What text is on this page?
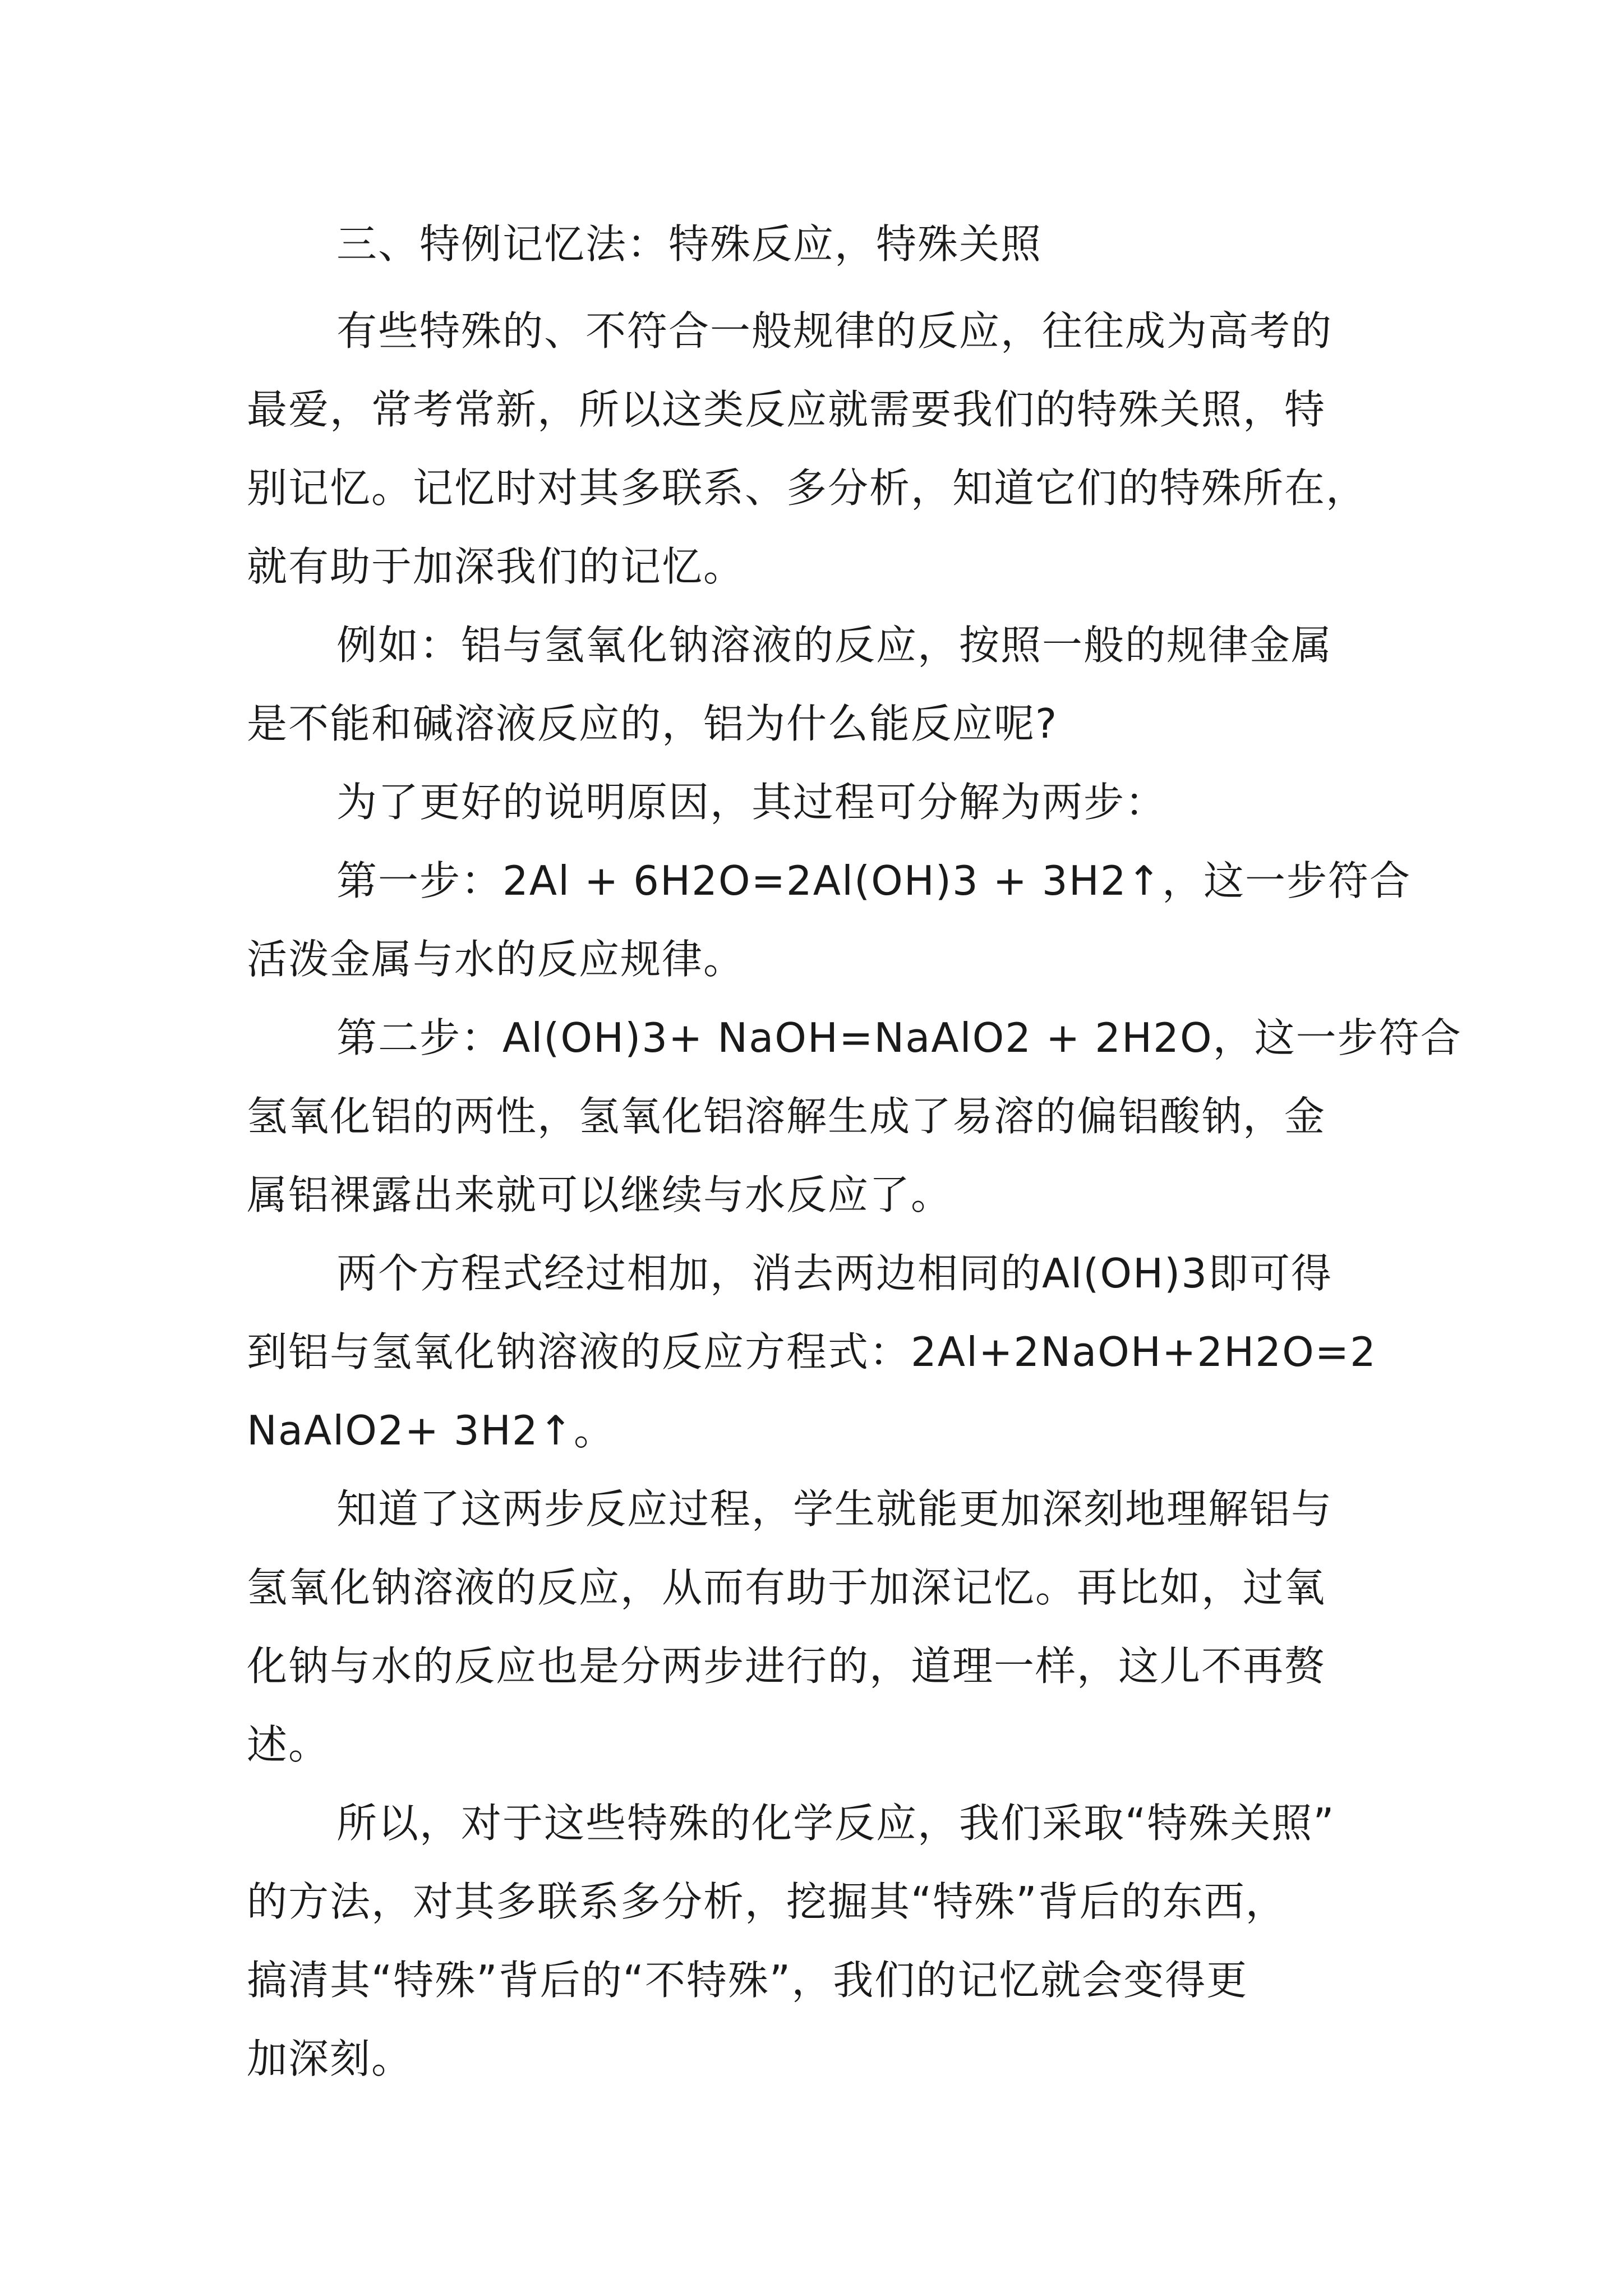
三、特例记忆法：特殊反应，特殊关照
有些特殊的、不符合一般规律的反应，往往成为高考的
最爱，常考常新，所以这类反应就需要我们的特殊关照，特
别记忆。记忆时对其多联系、多分析，知道它们的特殊所在，
就有助于加深我们的记忆。
例如：铝与氢氧化钠溶液的反应，按照一般的规律金属
是不能和碱溶液反应的，铝为什么能反应呢?
为了更好的说明原因，其过程可分解为两步：
第一步：2Al + 6H2O=2Al(OH)3 + 3H2↑，这一步符合
活泼金属与水的反应规律。
第二步：Al(OH)3+ NaOH=NaAlO2 + 2H2O，这一步符合
氢氧化铝的两性，氢氧化铝溶解生成了易溶的偏铝酸钠，金
属铝裸露出来就可以继续与水反应了。
两个方程式经过相加，消去两边相同的Al(OH)3即可得
到铝与氢氧化钠溶液的反应方程式：2Al+2NaOH+2H2O=2
NaAlO2+ 3H2↑。
知道了这两步反应过程，学生就能更加深刻地理解铝与
氢氧化钠溶液的反应，从而有助于加深记忆。再比如，过氧
化钠与水的反应也是分两步进行的，道理一样，这儿不再赘
述。
所以，对于这些特殊的化学反应，我们采取“特殊关照”
的方法，对其多联系多分析，挖掘其“特殊”背后的东西，
搞清其“特殊”背后的“不特殊”，我们的记忆就会变得更
加深刻。
